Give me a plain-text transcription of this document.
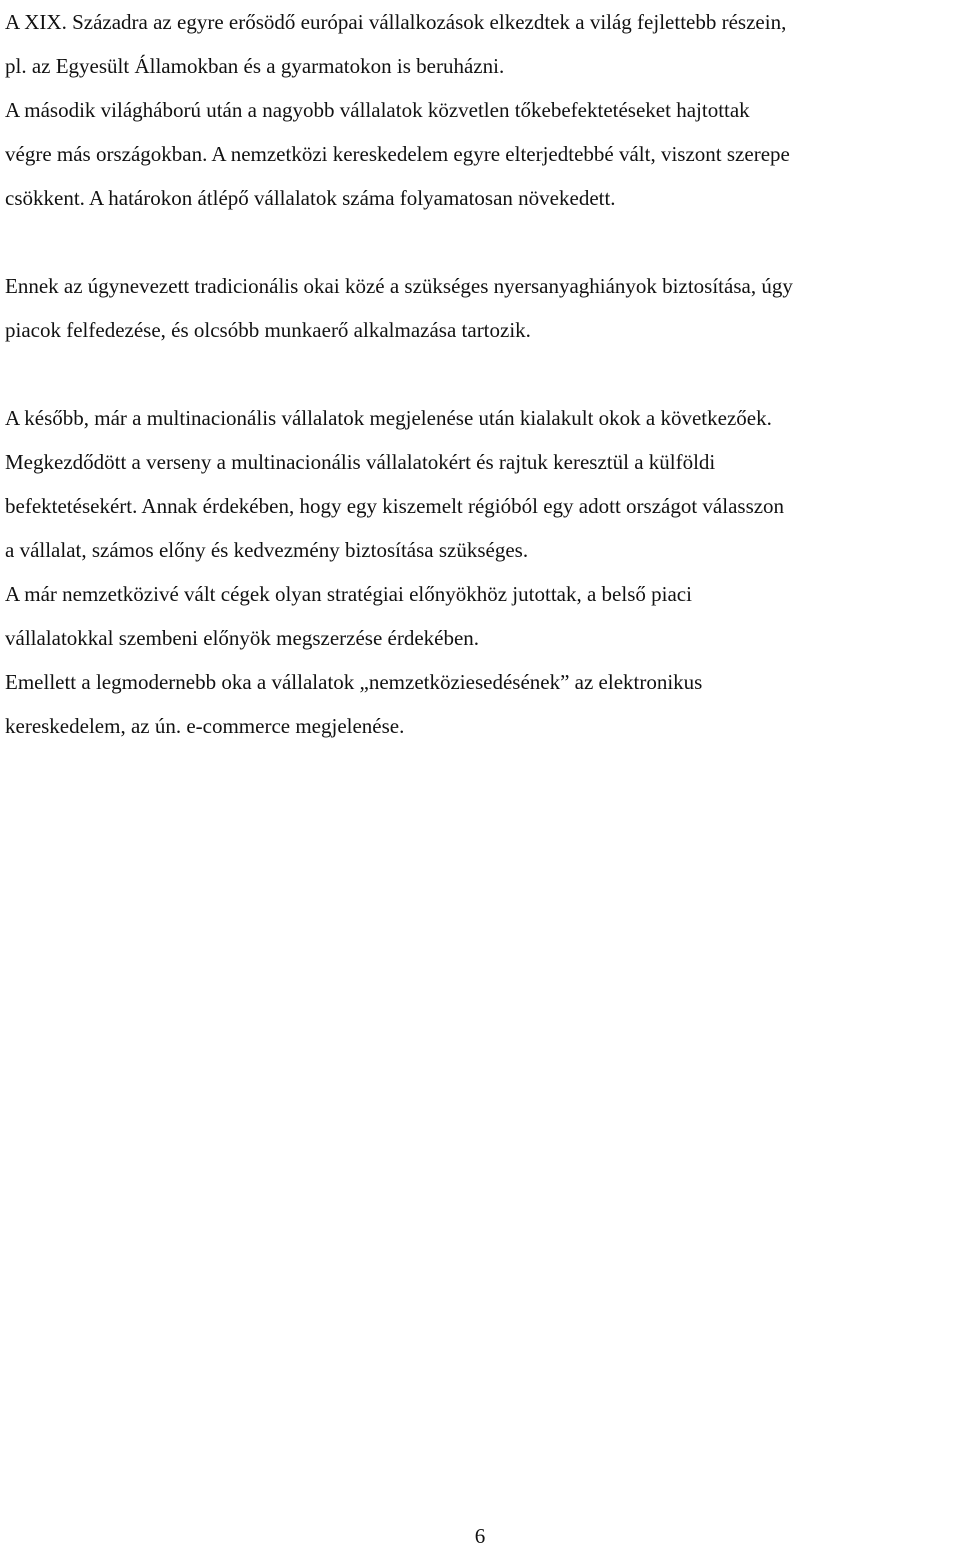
A XIX. Századra az egyre erősödő európai vállalkozások elkezdtek a világ fejlettebb részein,

pl. az Egyesült Államokban és a gyarmatokon is beruházni.

A második világháború után a nagyobb vállalatok közvetlen tőkebefektetéseket hajtottak

végre más országokban. A nemzetközi kereskedelem egyre elterjedtebbé vált, viszont szerepe

csökkent. A határokon átlépő vállalatok száma folyamatosan növekedett.

Ennek az úgynevezett tradicionális okai közé a szükséges nyersanyaghiányok biztosítása, úgy

piacok felfedezése, és olcsóbb munkaerő alkalmazása tartozik.

A később, már a multinacionális vállalatok megjelenése után kialakult okok a következőek.

Megkezdődött a verseny a multinacionális vállalatokért és rajtuk keresztül a külföldi

befektetésekért. Annak érdekében, hogy egy kiszemelt régióból egy adott országot válasszon

a vállalat, számos előny és kedvezmény biztosítása szükséges.

A már nemzetközivé vált cégek olyan stratégiai előnyökhöz jutottak, a belső piaci

vállalatokkal szembeni előnyök megszerzése érdekében.

Emellett a legmodernebb oka a vállalatok „nemzetköziesedésének” az elektronikus

kereskedelem, az ún. e-commerce megjelenése.

6
